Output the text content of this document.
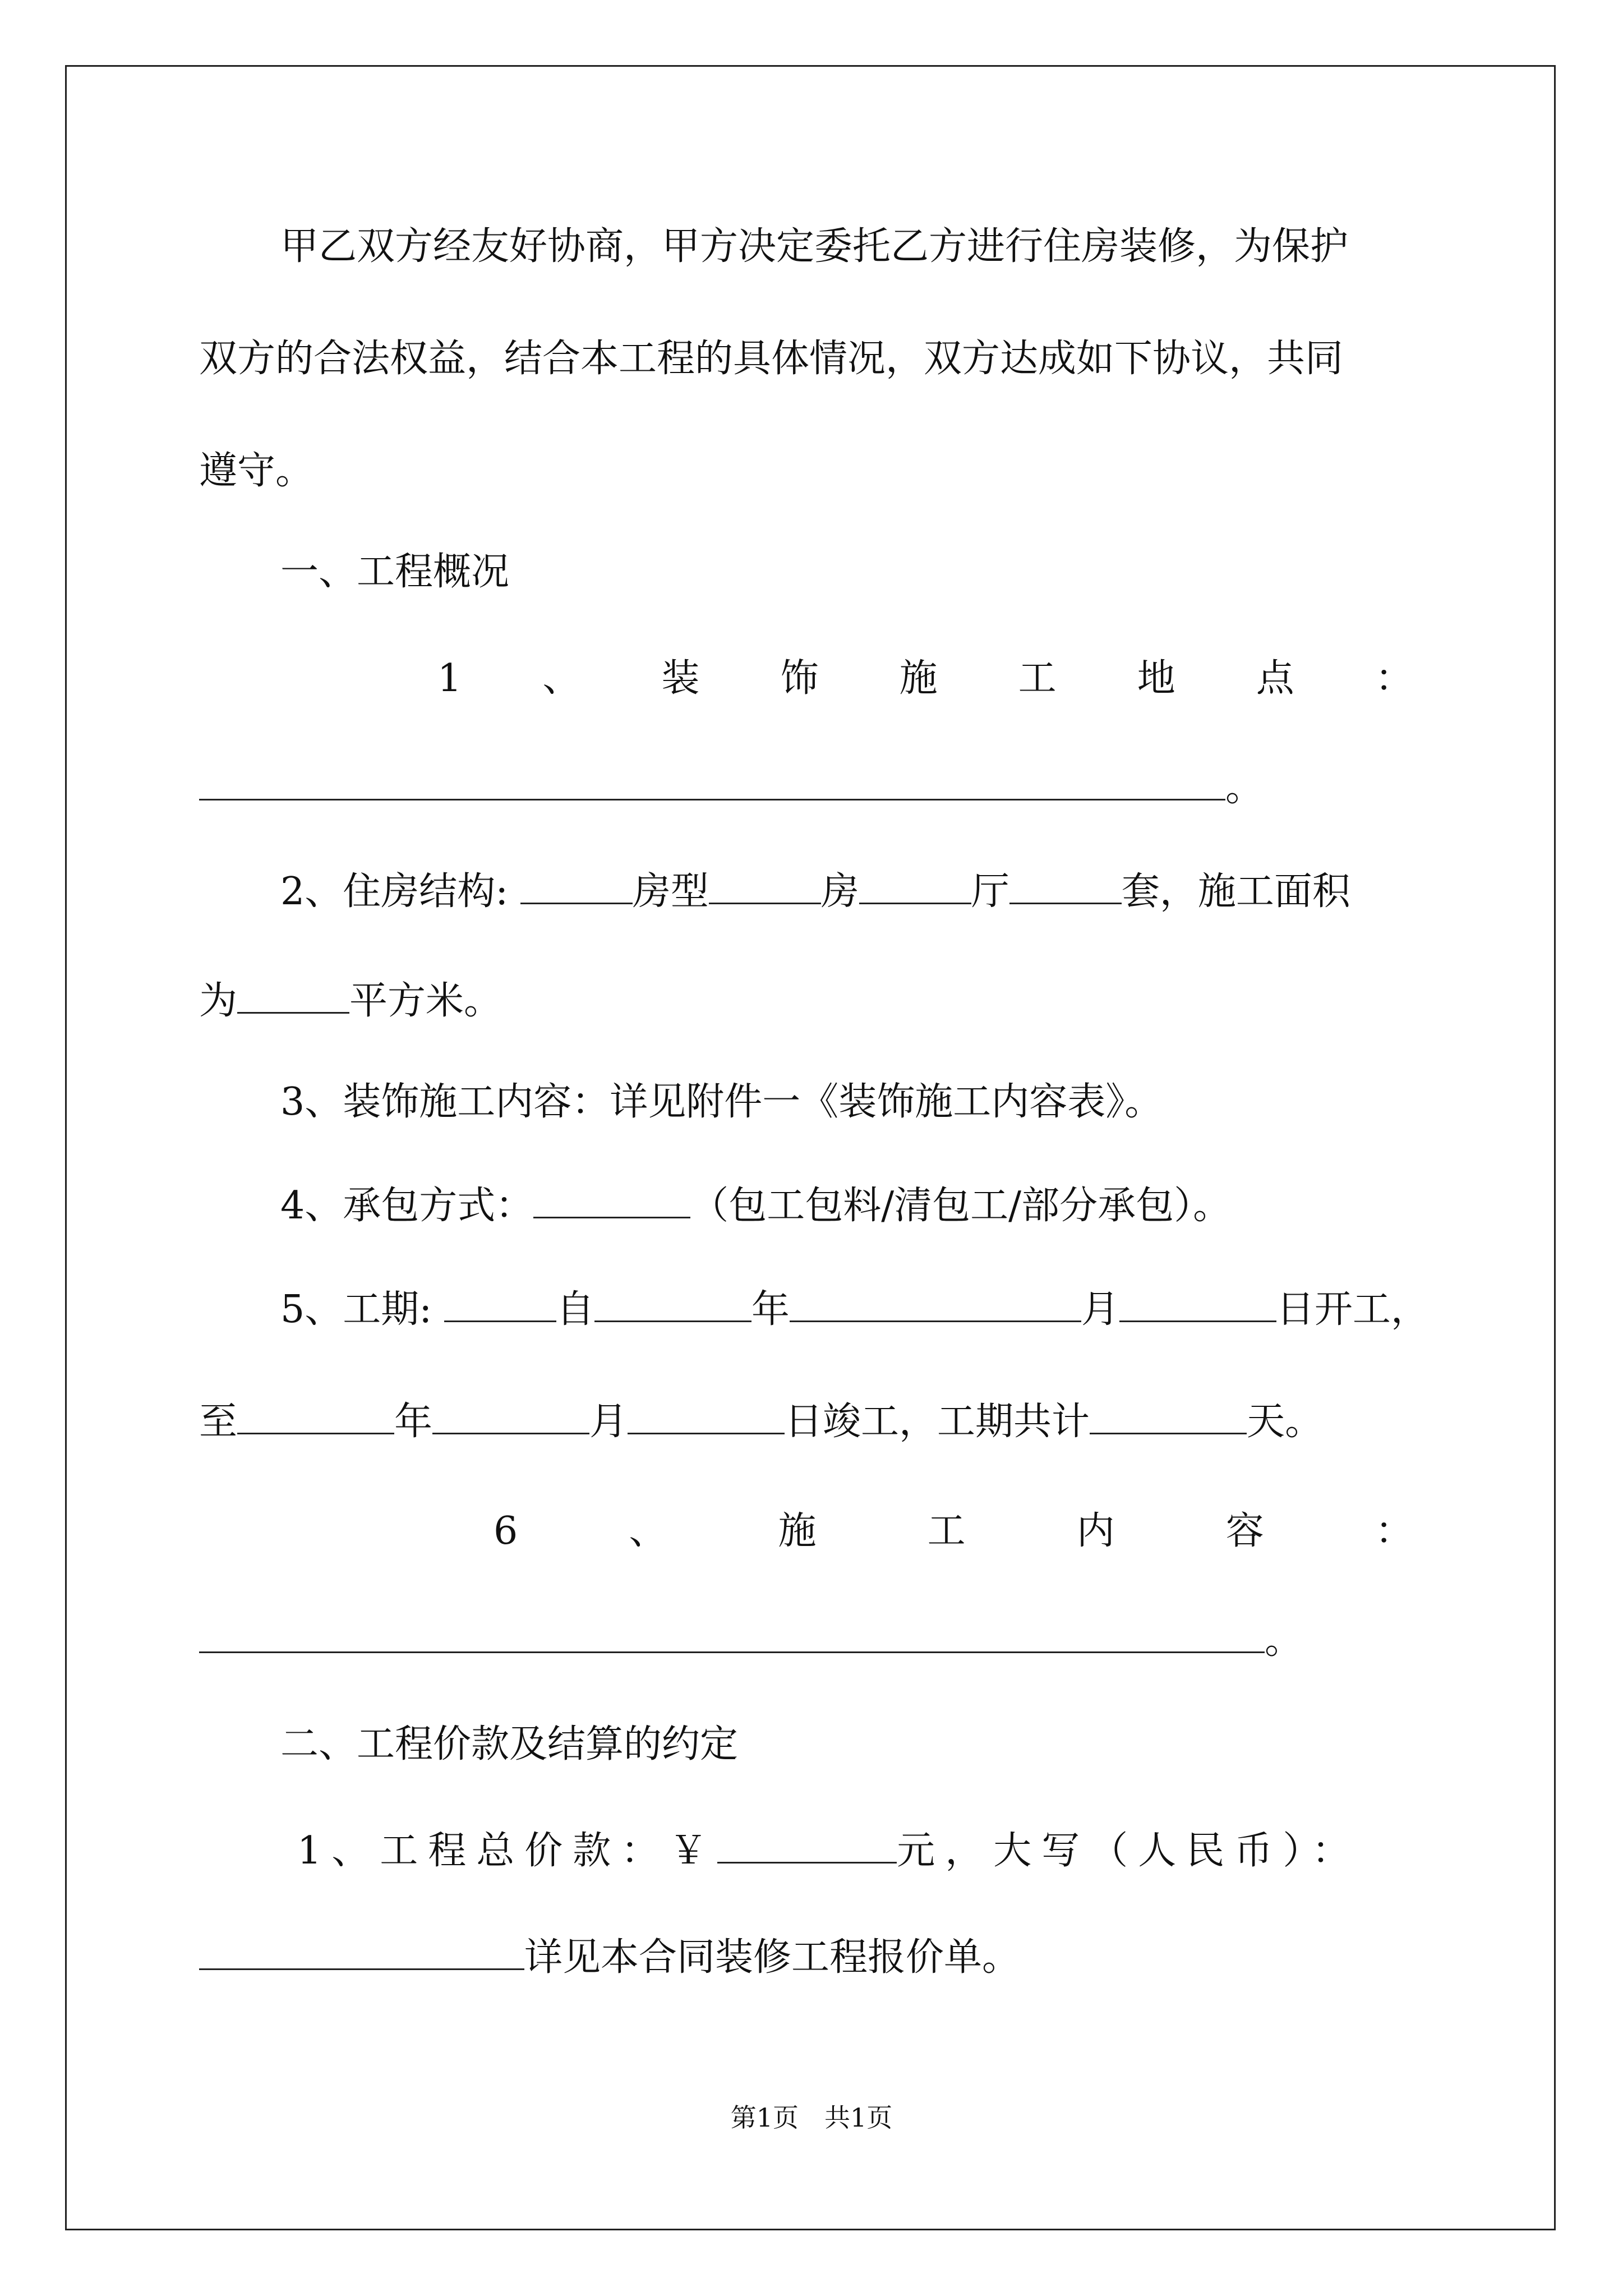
甲乙双方经友好协商，甲方决定委托乙方进行住房装修，为保护
双方的合法权益，结合本工程的具体情况，双方达成如下协议，共同
遵守。
一、工程概况
1 、 装 饰 施 工 地 点 ：
。
2、住房结构:	房型	房	厅	套，施工面积
为	平方米。
3、装饰施工内容：详见附件一《装饰施工内容表》。
4、承包方式：	（包工包料/清包工/部分承包）。
5、工期:	自	年	月	日开工，
至	年	月	日竣工，工期共计	天。
6	、	施	工	内	容	：
。
二、工程价款及结算的约定
1、工程总价款：￥	元，大写（人民币）：
详见本合同装修工程报价单。
第1页　共1页
